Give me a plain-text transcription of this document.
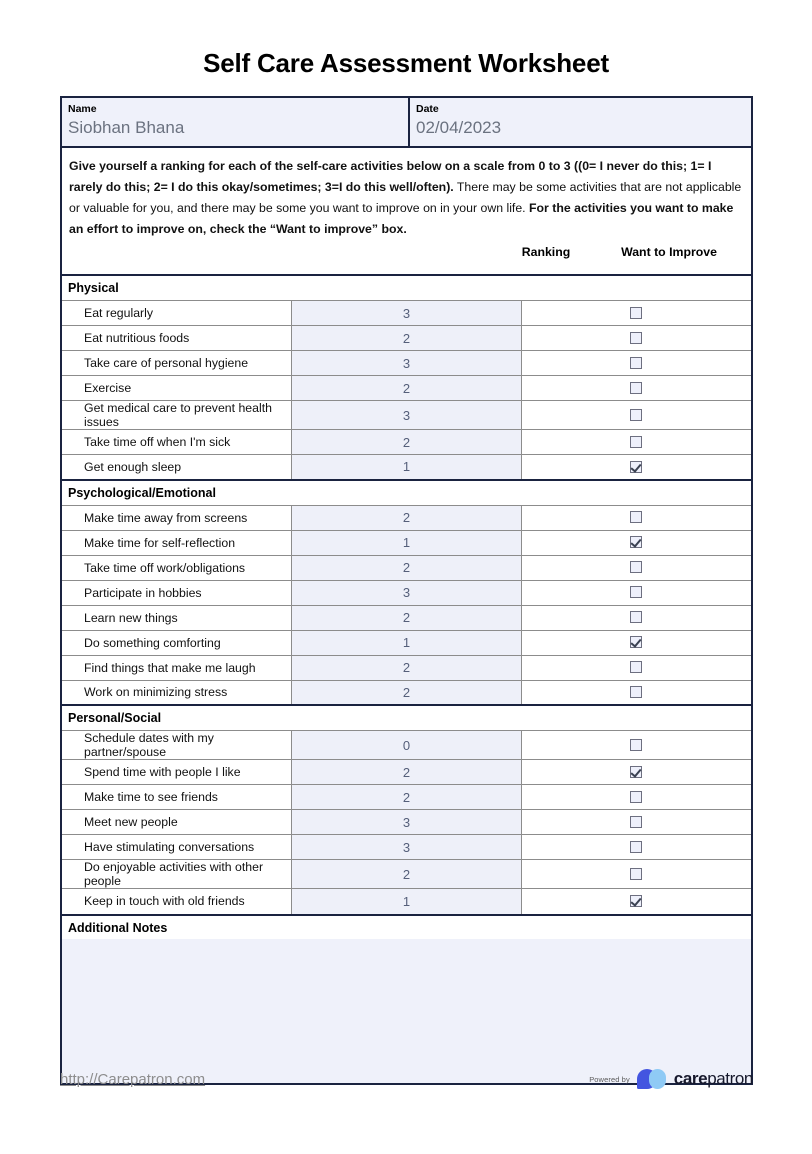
Self Care Assessment Worksheet
Name
Siobhan Bhana
Date
02/04/2023
Give yourself a ranking for each of the self-care activities below on a scale from 0 to 3 ((0= I never do this; 1= I rarely do this; 2= I do this okay/sometimes; 3=I do this well/often). There may be some activities that are not applicable or valuable for you, and there may be some you want to improve on in your own life. For the activities you want to make an effort to improve on, check the “Want to improve” box.
Ranking	Want to Improve
Physical		
Eat regularly	3	
Eat nutritious foods	2	
Take care of personal hygiene	3	
Exercise	2	
Get medical care to prevent health issues	3	
Take time off when I'm sick	2	
Get enough sleep	1	
Psychological/Emotional		
Make time away from screens	2	
Make time for self-reflection	1	
Take time off work/obligations	2	
Participate in hobbies	3	
Learn new things	2	
Do something comforting	1	
Find things that make me laugh	2	
Work on minimizing stress	2	
Personal/Social		
Schedule dates with my partner/spouse	0	
Spend time with people I like	2	
Make time to see friends	2	
Meet new people	3	
Have stimulating conversations	3	
Do enjoyable activities with other people	2	
Keep in touch with old friends	1	
Additional Notes
http://Carepatron.com	Powered by	carepatron
